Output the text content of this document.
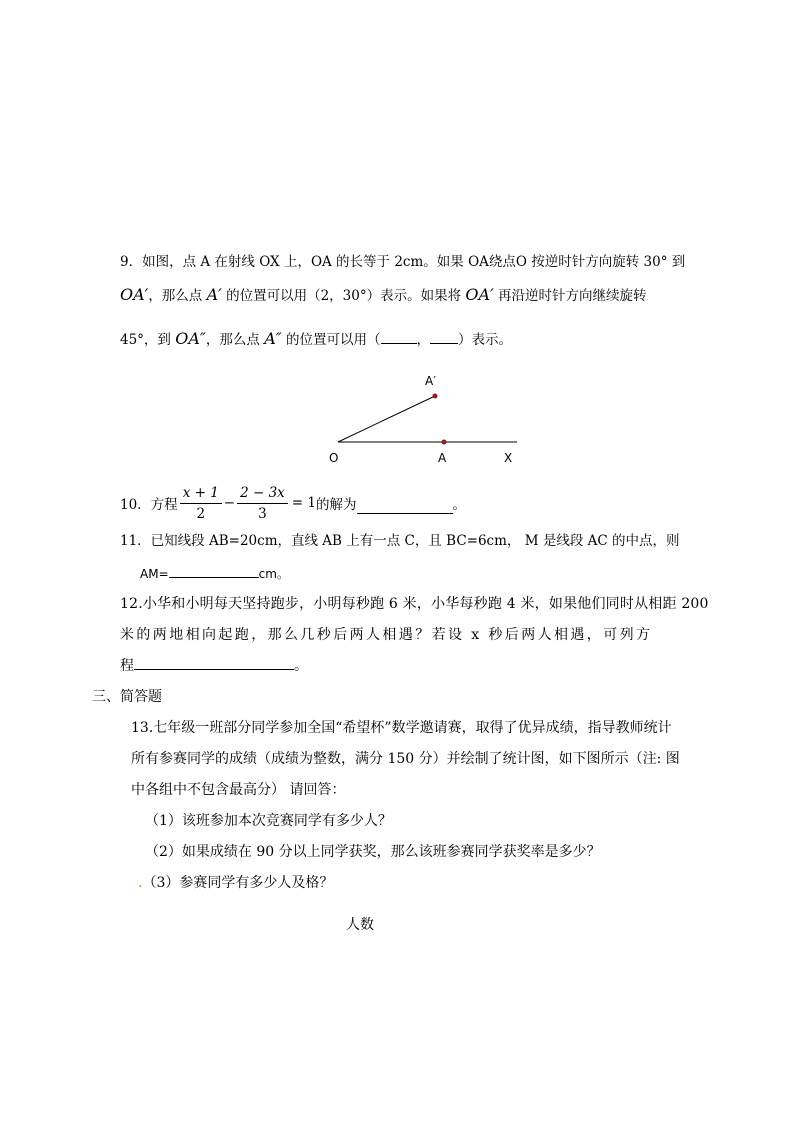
9．如图，点 A 在射线 OX 上，OA 的长等于 2cm。如果 OA绕点O 按逆时针方向旋转 30° 到
OA′，那么点 A′ 的位置可以用（2，30°）表示。如果将 OA′ 再沿逆时针方向继续旋转
45°，到 OA″，那么点 A″ 的位置可以用（	， ）表示。
A′
O	A	X
10．方程 $\frac{x + 1}{2} - \frac{2 - 3x}{3} = 1$ 的解为	。
11．已知线段 AB=20cm，直线 AB 上有一点 C，且 BC=6cm， M 是线段 AC 的中点，则
AM=	cm。
12.小华和小明每天坚持跑步，小明每秒跑 6 米，小华每秒跑 4 米，如果他们同时从相距 200
米的两地相向起跑，那么几秒后两人相遇？若设 x 秒后两人相遇，可列方
程	。
三、简答题
13.七年级一班部分同学参加全国“希望杯”数学邀请赛，取得了优异成绩，指导教师统计
所有参赛同学的成绩（成绩为整数，满分 150 分）并绘制了统计图，如下图所示（注: 图
中各组中不包含最高分） 请回答：
（1）该班参加本次竞赛同学有多少人？
（2）如果成绩在 90 分以上同学获奖，那么该班参赛同学获奖率是多少？
.（3）参赛同学有多少人及格？
人数
